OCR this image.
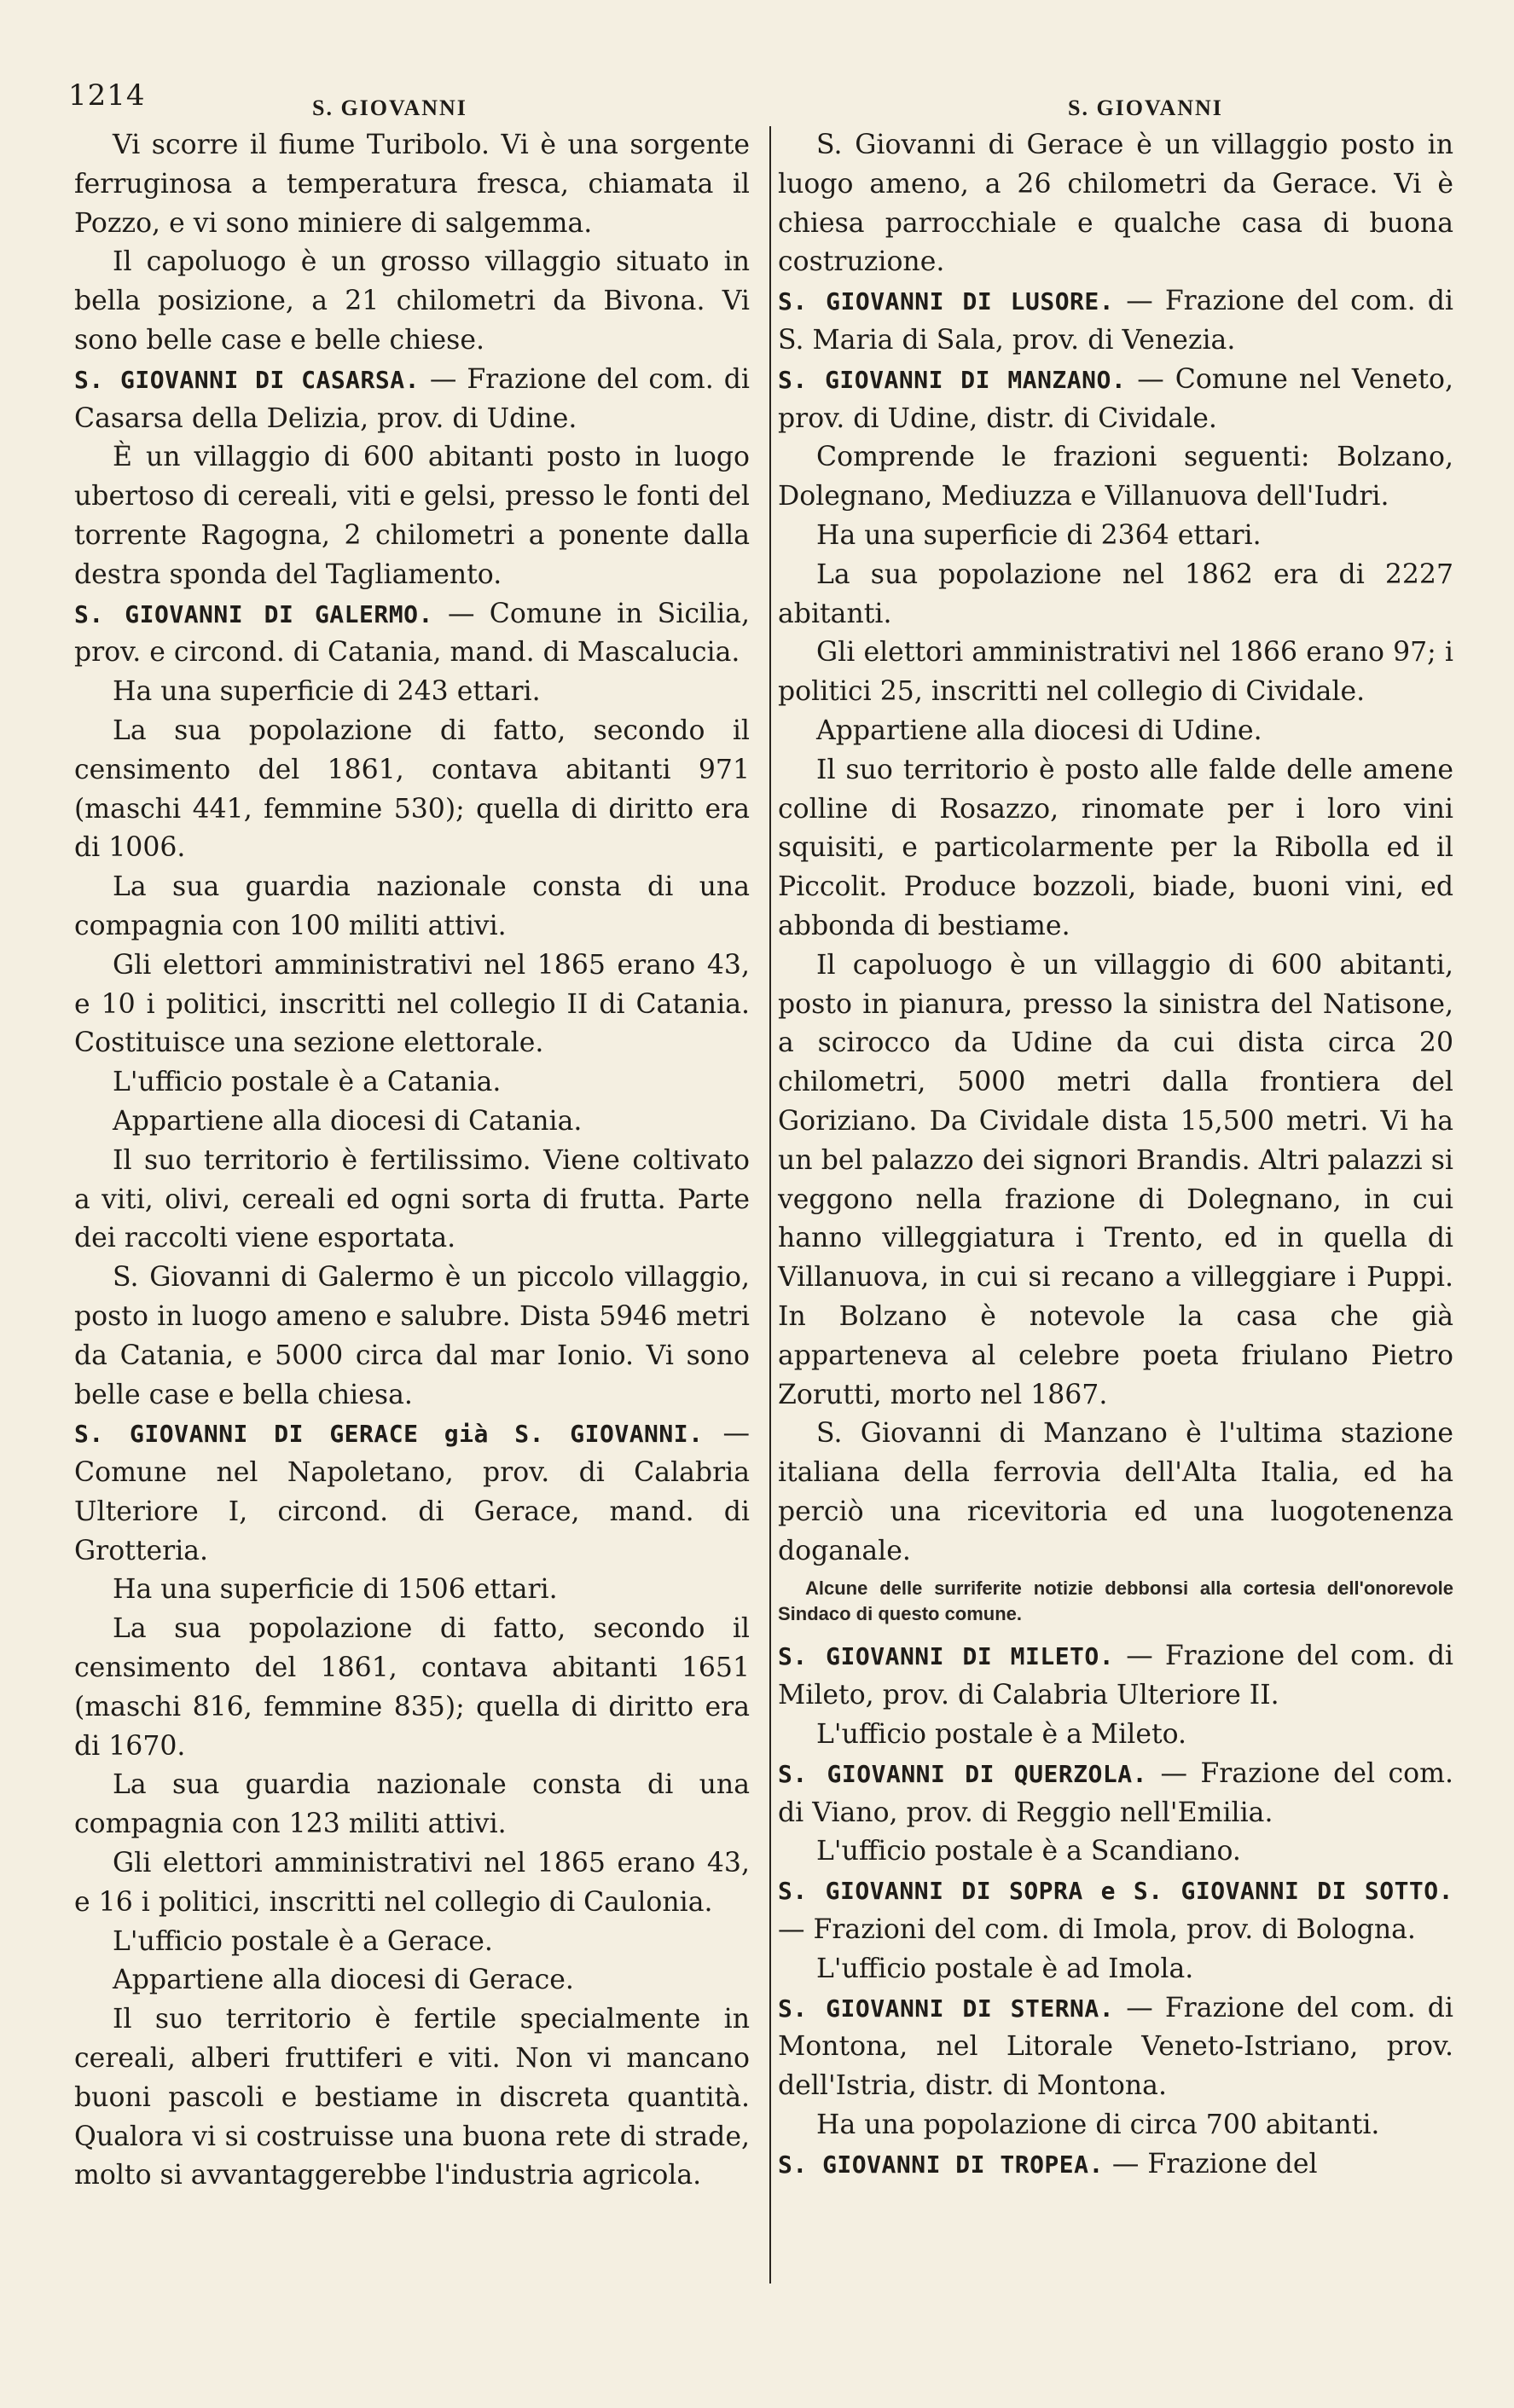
1214	S. GIOVANNI	S. GIOVANNI

Vi scorre il fiume Turibolo. Vi è una sorgente ferruginosa a temperatura fresca, chiamata il Pozzo, e vi sono miniere di salgemma.

Il capoluogo è un grosso villaggio situato in bella posizione, a 21 chilometri da Bivona. Vi sono belle case e belle chiese.

S. GIOVANNI DI CASARSA. — Frazione del com. di Casarsa della Delizia, prov. di Udine.

È un villaggio di 600 abitanti posto in luogo ubertoso di cereali, viti e gelsi, presso le fonti del torrente Ragogna, 2 chilometri a ponente dalla destra sponda del Tagliamento.

S. GIOVANNI DI GALERMO. — Comune in Sicilia, prov. e circond. di Catania, mand. di Mascalucia.

Ha una superficie di 243 ettari.

La sua popolazione di fatto, secondo il censimento del 1861, contava abitanti 971 (maschi 441, femmine 530); quella di diritto era di 1006.

La sua guardia nazionale consta di una compagnia con 100 militi attivi.

Gli elettori amministrativi nel 1865 erano 43, e 10 i politici, inscritti nel collegio II di Catania. Costituisce una sezione elettorale.

L'ufficio postale è a Catania.

Appartiene alla diocesi di Catania.

Il suo territorio è fertilissimo. Viene coltivato a viti, olivi, cereali ed ogni sorta di frutta. Parte dei raccolti viene esportata.

S. Giovanni di Galermo è un piccolo villaggio, posto in luogo ameno e salubre. Dista 5946 metri da Catania, e 5000 circa dal mar Ionio. Vi sono belle case e bella chiesa.

S. GIOVANNI DI GERACE già S. GIOVANNI. — Comune nel Napoletano, prov. di Calabria Ulteriore I, circond. di Gerace, mand. di Grotteria.

Ha una superficie di 1506 ettari.

La sua popolazione di fatto, secondo il censimento del 1861, contava abitanti 1651 (maschi 816, femmine 835); quella di diritto era di 1670.

La sua guardia nazionale consta di una compagnia con 123 militi attivi.

Gli elettori amministrativi nel 1865 erano 43, e 16 i politici, inscritti nel collegio di Caulonia.

L'ufficio postale è a Gerace.

Appartiene alla diocesi di Gerace.

Il suo territorio è fertile specialmente in cereali, alberi fruttiferi e viti. Non vi mancano buoni pascoli e bestiame in discreta quantità. Qualora vi si costruisse una buona rete di strade, molto si avvantaggerebbe l'industria agricola.

S. Giovanni di Gerace è un villaggio posto in luogo ameno, a 26 chilometri da Gerace. Vi è chiesa parrocchiale e qualche casa di buona costruzione.

S. GIOVANNI DI LUSORE. — Frazione del com. di S. Maria di Sala, prov. di Venezia.

S. GIOVANNI DI MANZANO. — Comune nel Veneto, prov. di Udine, distr. di Cividale.

Comprende le frazioni seguenti: Bolzano, Dolegnano, Mediuzza e Villanuova dell'Iudri.

Ha una superficie di 2364 ettari.

La sua popolazione nel 1862 era di 2227 abitanti.

Gli elettori amministrativi nel 1866 erano 97; i politici 25, inscritti nel collegio di Cividale.

Appartiene alla diocesi di Udine.

Il suo territorio è posto alle falde delle amene colline di Rosazzo, rinomate per i loro vini squisiti, e particolarmente per la Ribolla ed il Piccolit. Produce bozzoli, biade, buoni vini, ed abbonda di bestiame.

Il capoluogo è un villaggio di 600 abitanti, posto in pianura, presso la sinistra del Natisone, a scirocco da Udine da cui dista circa 20 chilometri, 5000 metri dalla frontiera del Goriziano. Da Cividale dista 15,500 metri. Vi ha un bel palazzo dei signori Brandis. Altri palazzi si veggono nella frazione di Dolegnano, in cui hanno villeggiatura i Trento, ed in quella di Villanuova, in cui si recano a villeggiare i Puppi. In Bolzano è notevole la casa che già apparteneva al celebre poeta friulano Pietro Zorutti, morto nel 1867.

S. Giovanni di Manzano è l'ultima stazione italiana della ferrovia dell'Alta Italia, ed ha perciò una ricevitoria ed una luogotenenza doganale.

Alcune delle surriferite notizie debbonsi alla cortesia dell'onorevole Sindaco di questo comune.

S. GIOVANNI DI MILETO. — Frazione del com. di Mileto, prov. di Calabria Ulteriore II.

L'ufficio postale è a Mileto.

S. GIOVANNI DI QUERZOLA. — Frazione del com. di Viano, prov. di Reggio nell'Emilia.

L'ufficio postale è a Scandiano.

S. GIOVANNI DI SOPRA e S. GIOVANNI DI SOTTO. — Frazioni del com. di Imola, prov. di Bologna.

L'ufficio postale è ad Imola.

S. GIOVANNI DI STERNA. — Frazione del com. di Montona, nel Litorale Veneto-Istriano, prov. dell'Istria, distr. di Montona.

Ha una popolazione di circa 700 abitanti.

S. GIOVANNI DI TROPEA. — Frazione del
